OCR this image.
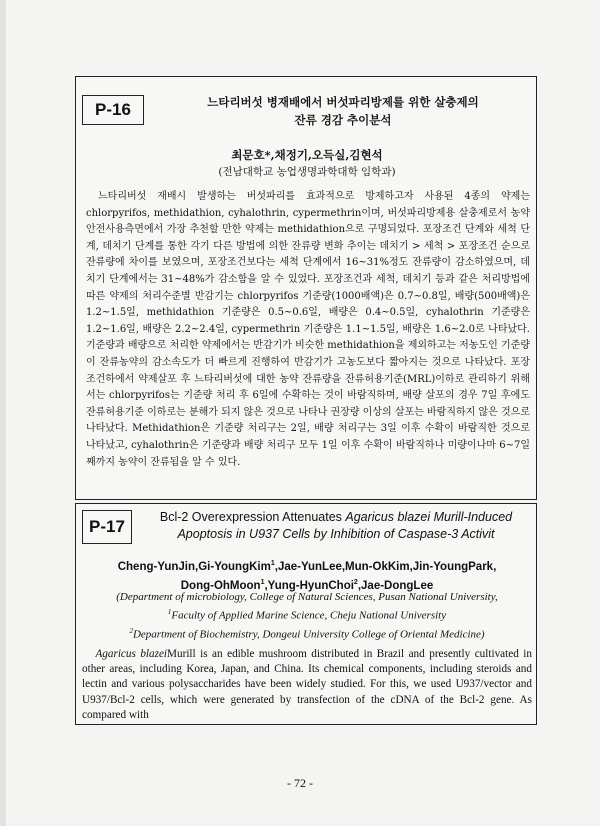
P-16	느타리버섯 병재배에서 버섯파리방제를 위한 살충제의
잔류 경감 추이분석
최문호*,채정기,오득실,김현석
(전남대학교 농업생명과학대학 임학과)

느타리버섯 재배시 발생하는 버섯파리를 효과적으로 방제하고자 사용된 4종의 약제는 chlorpyrifos, methidathion, cyhalothrin, cypermethrin이며, 버섯파리방제용 살충제로서 농약 안전사용측면에서 가장 추천할 만한 약제는 methidathion으로 구명되었다. 포장조건 단계와 세척 단계, 데치기 단계를 통한 각기 다른 방법에 의한 잔류량 변화 추이는 데치기 > 세척 > 포장조건 순으로 잔류량에 차이를 보였으며, 포장조건보다는 세척 단계에서 16~31%정도 잔류량이 감소하였으며, 데치기 단계에서는 31~48%가 감소함을 알 수 있었다. 포장조건과 세척, 데치기 등과 같은 처리방법에 따른 약제의 처리수준별 반감기는 chlorpyrifos 기준량(1000배액)은 0.7~0.8일, 배량(500배액)은 1.2~1.5일, methidathion 기준량은 0.5~0.6일, 배량은 0.4~0.5일, cyhalothrin 기준량은 1.2~1.6일, 배량은 2.2~2.4일, cypermethrin 기준량은 1.1~1.5일, 배량은 1.6~2.0로 나타났다. 기준량과 배량으로 처리한 약제에서는 반감기가 비슷한 methidathion을 제외하고는 저농도인 기준량이 잔류농약의 감소속도가 더 빠르게 진행하여 반감기가 고농도보다 짧아지는 것으로 나타났다. 포장 조건하에서 약제살포 후 느타리버섯에 대한 농약 잔류량을 잔류허용기준(MRL)이하로 관리하기 위해서는 chlorpyrifos는 기준량 처리 후 6일에 수확하는 것이 바람직하며, 배량 살포의 경우 7일 후에도 잔류허용기준 이하로는 분해가 되지 않은 것으로 나타나 권장량 이상의 살포는 바람직하지 않은 것으로 나타났다. Methidathion은 기준량 처리구는 2일, 배량 처리구는 3일 이후 수확이 바람직한 것으로 나타났고, cyhalothrin은 기준량과 배량 처리구 모두 1일 이후 수확이 바람직하나 미량이나마 6~7일째까지 농약이 잔류됨을 알 수 있다.

P-17	Bcl-2 Overexpression Attenuates Agaricus blazei Murill-Induced Apoptosis in U937 Cells by Inhibition of Caspase-3 Activit
Cheng-YunJin,Gi-YoungKim$^1$,Jae-YunLee,Mun-OkKim,Jin-YoungPark,
Dong-OhMoon$^1$,Yung-HyunChoi$^2$,Jae-DongLee
(Department of microbiology, College of Natural Sciences, Pusan National University,
$^1$Faculty of Applied Marine Science, Cheju National University
$^2$Department of Biochemistry, Dongeui University College of Oriental Medicine)

Agaricus blazeiMurill is an edible mushroom distributed in Brazil and presently cultivated in other areas, including Korea, Japan, and China. Its chemical components, including steroids and lectin and various polysaccharides have been widely studied. For this, we used U937/vector and U937/Bcl-2 cells, which were generated by transfection of the cDNA of the Bcl-2 gene. As compared with

- 72 -
